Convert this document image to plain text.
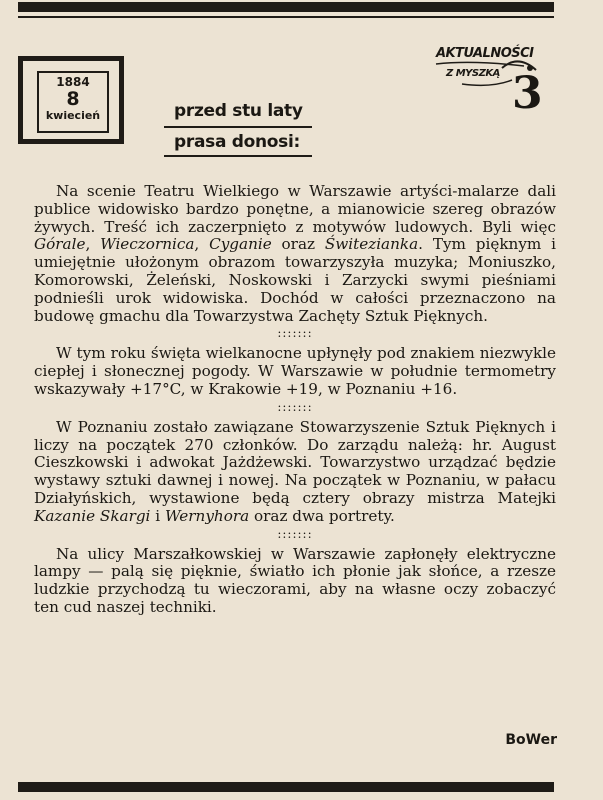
1884
8
kwiecień	przed stu laty
prasa donosi:
AKTUALNOŚCI
Z MYSZKĄ 3

Na scenie Teatru Wielkiego w Warszawie artyści-malarze dali publice widowisko bardzo ponętne, a mianowicie szereg obrazów żywych. Treść ich zaczerpnięto z motywów ludowych. Byli więc Górale, Wieczornica, Cyganie oraz Świtezianka. Tym pięknym i umiejętnie ułożonym obrazom towarzyszyła muzyka; Moniuszko, Komorowski, Żeleński, Noskowski i Zarzycki swymi pieśniami podnieśli urok widowiska. Dochód w całości przeznaczono na budowę gmachu dla Towarzystwa Zachęty Sztuk Pięknych.

:::::::

W tym roku święta wielkanocne upłynęły pod znakiem niezwykle ciepłej i słonecznej pogody. W Warszawie w południe termometry wskazywały +17°C, w Krakowie +19, w Poznaniu +16.

:::::::

W Poznaniu zostało zawiązane Stowarzyszenie Sztuk Pięknych i liczy na początek 270 członków. Do zarządu należą: hr. August Cieszkowski i adwokat Jażdżewski. Towarzystwo urządzać będzie wystawy sztuki dawnej i nowej. Na początek w Poznaniu, w pałacu Działyńskich, wystawione będą cztery obrazy mistrza Matejki Kazanie Skargi i Wernyhora oraz dwa portrety.

:::::::

Na ulicy Marszałkowskiej w Warszawie zapłonęły elektryczne lampy — palą się pięknie, światło ich płonie jak słońce, a rzesze ludzkie przychodzą tu wieczorami, aby na własne oczy zobaczyć ten cud naszej techniki.

BoWer
